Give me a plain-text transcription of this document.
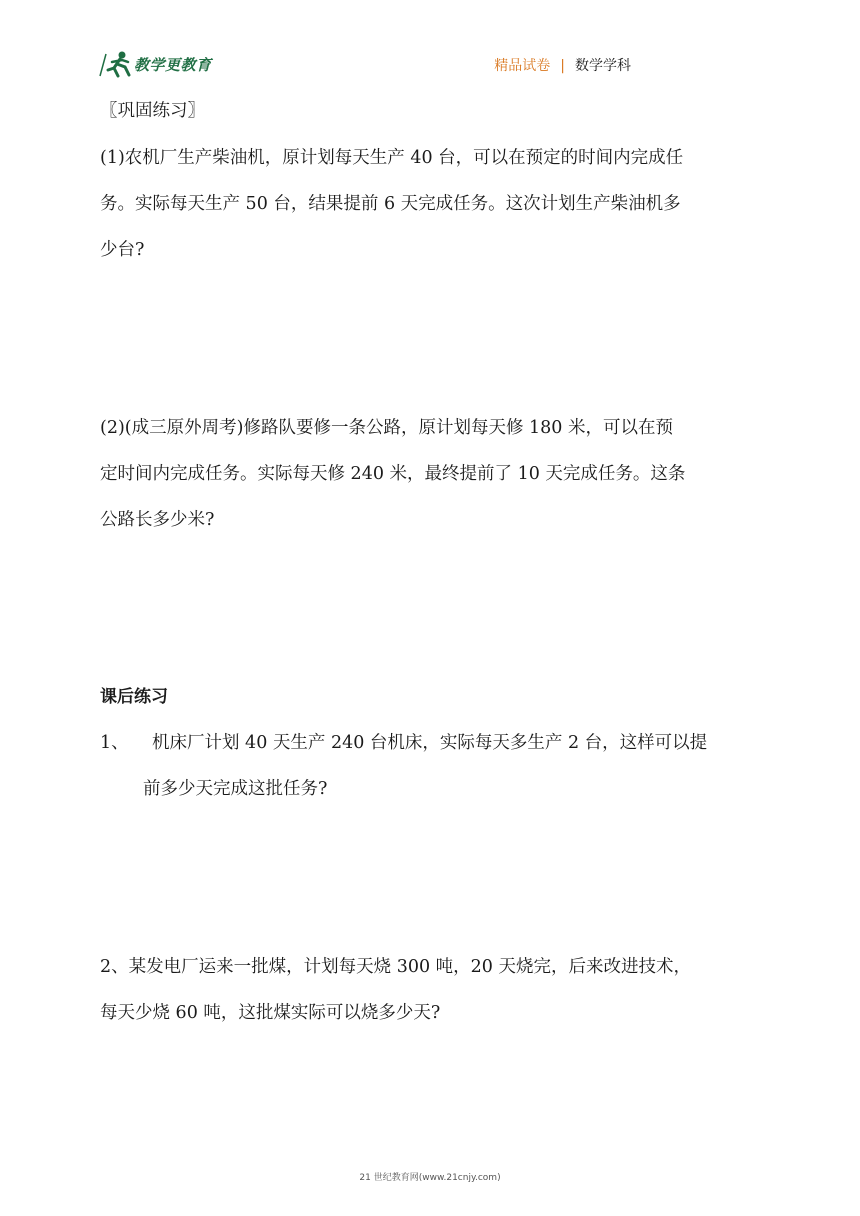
教学更教育	精品试卷 | 数学学科
〖巩固练习〗
(1)农机厂生产柴油机，原计划每天生产 40 台，可以在预定的时间内完成任
务。实际每天生产 50 台，结果提前 6 天完成任务。这次计划生产柴油机多
少台?
(2)(成三原外周考)修路队要修一条公路，原计划每天修 180 米，可以在预
定时间内完成任务。实际每天修 240 米，最终提前了 10 天完成任务。这条
公路长多少米?
课后练习
1、 机床厂计划 40 天生产 240 台机床，实际每天多生产 2 台，这样可以提
前多少天完成这批任务?
2、某发电厂运来一批煤，计划每天烧 300 吨，20 天烧完，后来改进技术，
每天少烧 60 吨，这批煤实际可以烧多少天?
21 世纪教育网(www.21cnjy.com)
